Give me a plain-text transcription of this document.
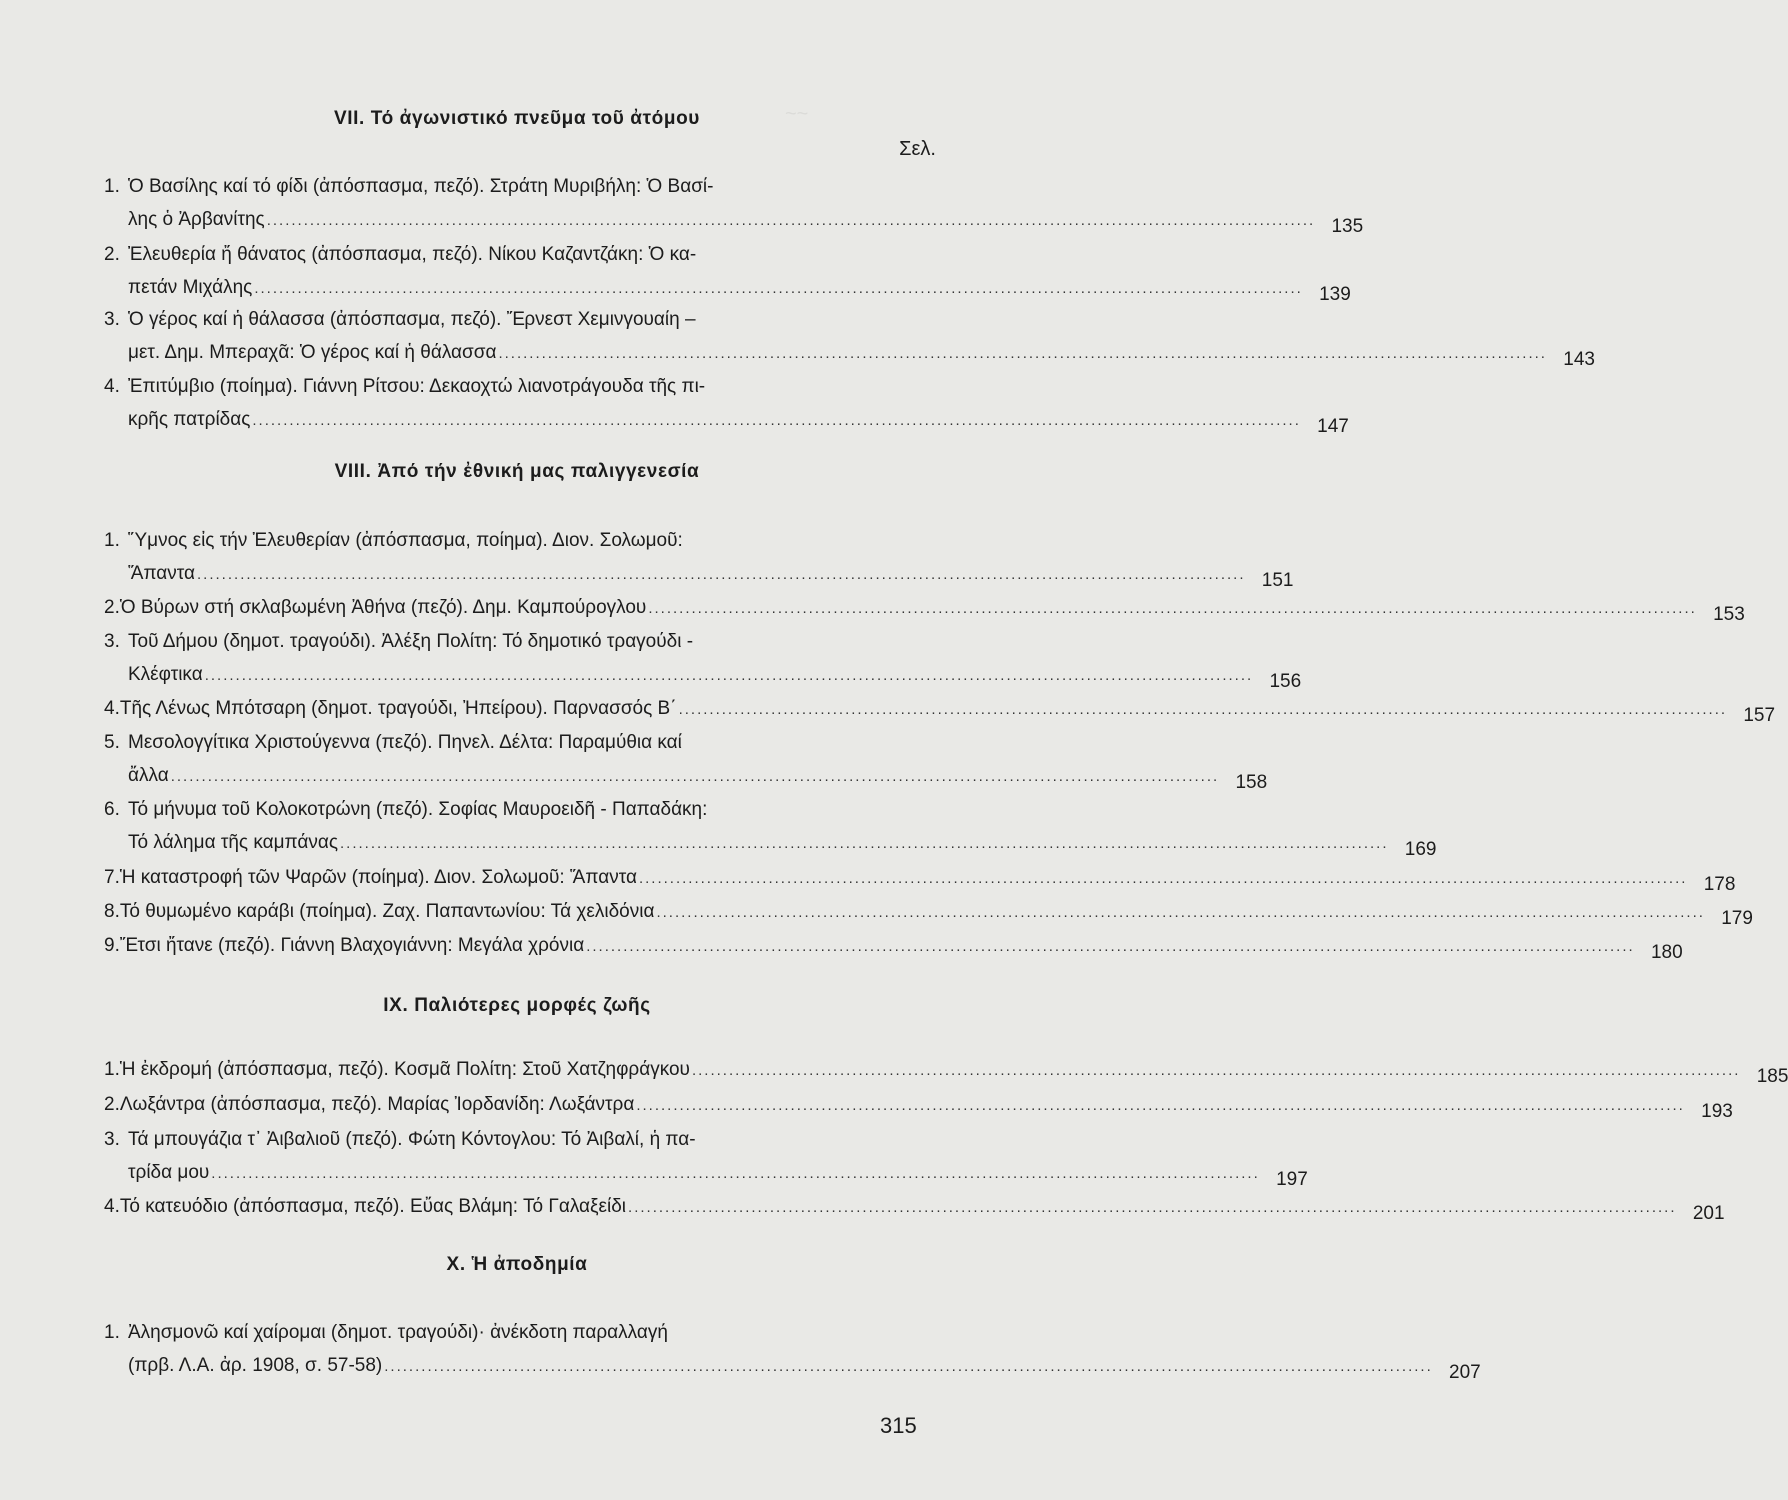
~~
VII. Τό ἀγωνιστικό πνεῦμα τοῦ ἀτόμου
Σελ.
1. Ὁ Βασίλης καί τό φίδι (ἀπόσπασμα, πεζό). Στράτη Μυριβήλη: Ὁ Βασί-
λης ὁ Ἀρβανίτης .......................................................................................................................................................................... 135
2. Ἐλευθερία ἤ θάνατος (ἀπόσπασμα, πεζό). Νίκου Καζαντζάκη: Ὁ κα-
πετάν Μιχάλης .......................................................................................................................................................................... 139
3. Ὁ γέρος καί ἡ θάλασσα (ἀπόσπασμα, πεζό). Ἔρνεστ Χεμινγουαίη –
μετ. Δημ. Μπεραχᾶ: Ὁ γέρος καί ἡ θάλασσα .......................................................................................................................................................................... 143
4. Ἐπιτύμβιο (ποίημα). Γιάννη Ρίτσου: Δεκαοχτώ λιανοτράγουδα τῆς πι-
κρῆς πατρίδας .......................................................................................................................................................................... 147
VIII. Ἀπό τήν ἐθνική μας παλιγγενεσία
1. Ὕμνος εἰς τήν Ἐλευθερίαν (ἀπόσπασμα, ποίημα). Διον. Σολωμοῦ:
Ἅπαντα .......................................................................................................................................................................... 151
2. Ὁ Βύρων στή σκλαβωμένη Ἀθήνα (πεζό). Δημ. Καμπούρογλου .......................................................................................................................................................................... 153
3. Τοῦ Δήμου (δημοτ. τραγούδι). Ἀλέξη Πολίτη: Τό δημοτικό τραγούδι -
Κλέφτικα .......................................................................................................................................................................... 156
4. Τῆς Λένως Μπότσαρη (δημοτ. τραγούδι, Ἠπείρου). Παρνασσός Β΄ .......................................................................................................................................................................... 157
5. Μεσολογγίτικα Χριστούγεννα (πεζό). Πηνελ. Δέλτα: Παραμύθια καί
ἄλλα .......................................................................................................................................................................... 158
6. Τό μήνυμα τοῦ Κολοκοτρώνη (πεζό). Σοφίας Μαυροειδῆ - Παπαδάκη:
Τό λάλημα τῆς καμπάνας .......................................................................................................................................................................... 169
7. Ἡ καταστροφή τῶν Ψαρῶν (ποίημα). Διον. Σολωμοῦ: Ἅπαντα .......................................................................................................................................................................... 178
8. Τό θυμωμένο καράβι (ποίημα). Ζαχ. Παπαντωνίου: Τά χελιδόνια .......................................................................................................................................................................... 179
9. Ἔτσι ἤτανε (πεζό). Γιάννη Βλαχογιάννη: Μεγάλα χρόνια .......................................................................................................................................................................... 180
IX. Παλιότερες μορφές ζωῆς
1. Ἡ ἐκδρομή (ἀπόσπασμα, πεζό). Κοσμᾶ Πολίτη: Στοῦ Χατζηφράγκου .......................................................................................................................................................................... 185
2. Λωξάντρα (ἀπόσπασμα, πεζό). Μαρίας Ἰορδανίδη: Λωξάντρα .......................................................................................................................................................................... 193
3. Τά μπουγάζια τ᾽ Ἀιβαλιοῦ (πεζό). Φώτη Κόντογλου: Τό Ἀιβαλί, ἡ πα-
τρίδα μου .......................................................................................................................................................................... 197
4. Τό κατευόδιο (ἀπόσπασμα, πεζό). Εὔας Βλάμη: Τό Γαλαξείδι .......................................................................................................................................................................... 201
X. Ἡ ἀποδημία
1. Ἀλησμονῶ καί χαίρομαι (δημοτ. τραγούδι)· ἀνέκδοτη παραλλαγή
(πρβ. Λ.Α. ἀρ. 1908, σ. 57-58) .......................................................................................................................................................................... 207
315
